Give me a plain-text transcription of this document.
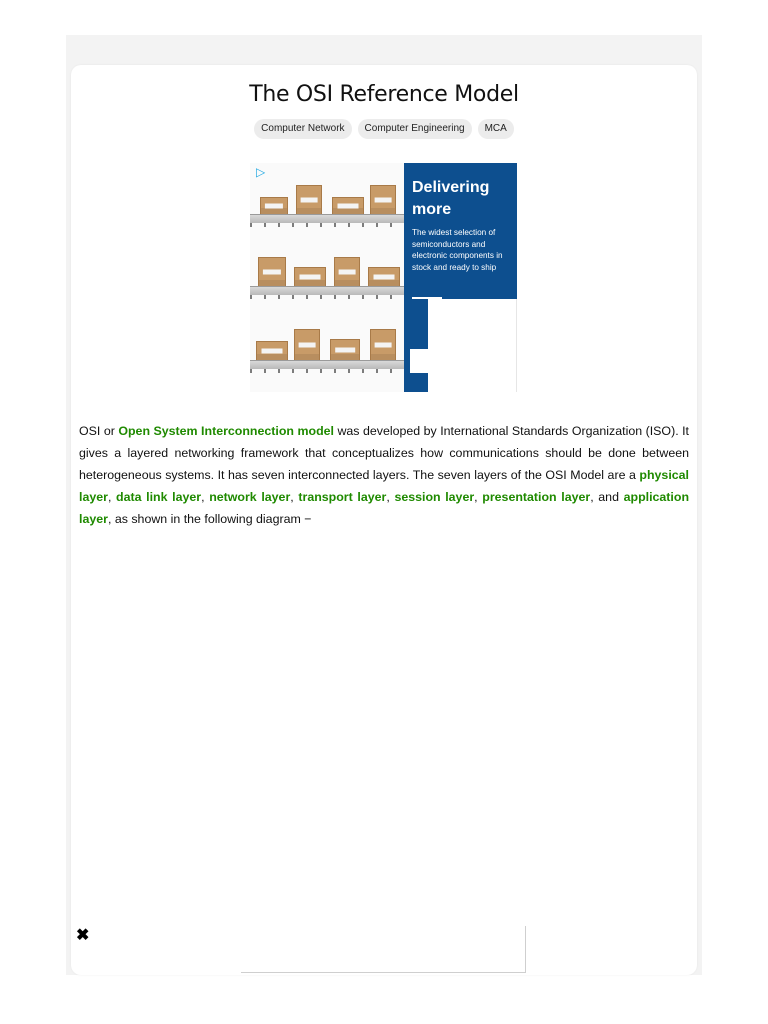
The OSI Reference Model
Computer Network	Computer Engineering	MCA
▷

Delivering more

The widest selection of semiconductors and electronic components in stock and ready to ship

OSI or Open System Interconnection model was developed by International Standards Organization (ISO). It gives a layered networking framework that conceptualizes how communications should be done between heterogeneous systems. It has seven interconnected layers. The seven layers of the OSI Model are a physical layer, data link layer, network layer, transport layer, session layer, presentation layer, and application layer, as shown in the following diagram −

✖
